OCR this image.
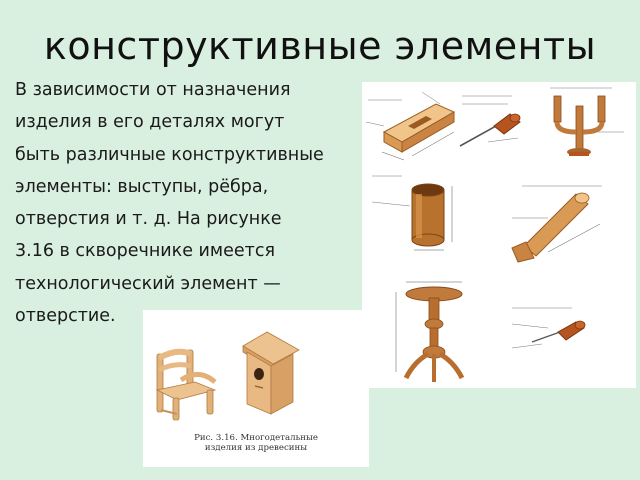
конструктивные элементы
В зависимости от назначения
изделия в его деталях могут
быть различные конструктивные
элементы: выступы, рёбра,
отверстия и т. д. На рисунке
3.16 в скворечнике имеется
технологический элемент —
отверстие.
Рис. 3.16. Многодетальные
изделия из древесины
